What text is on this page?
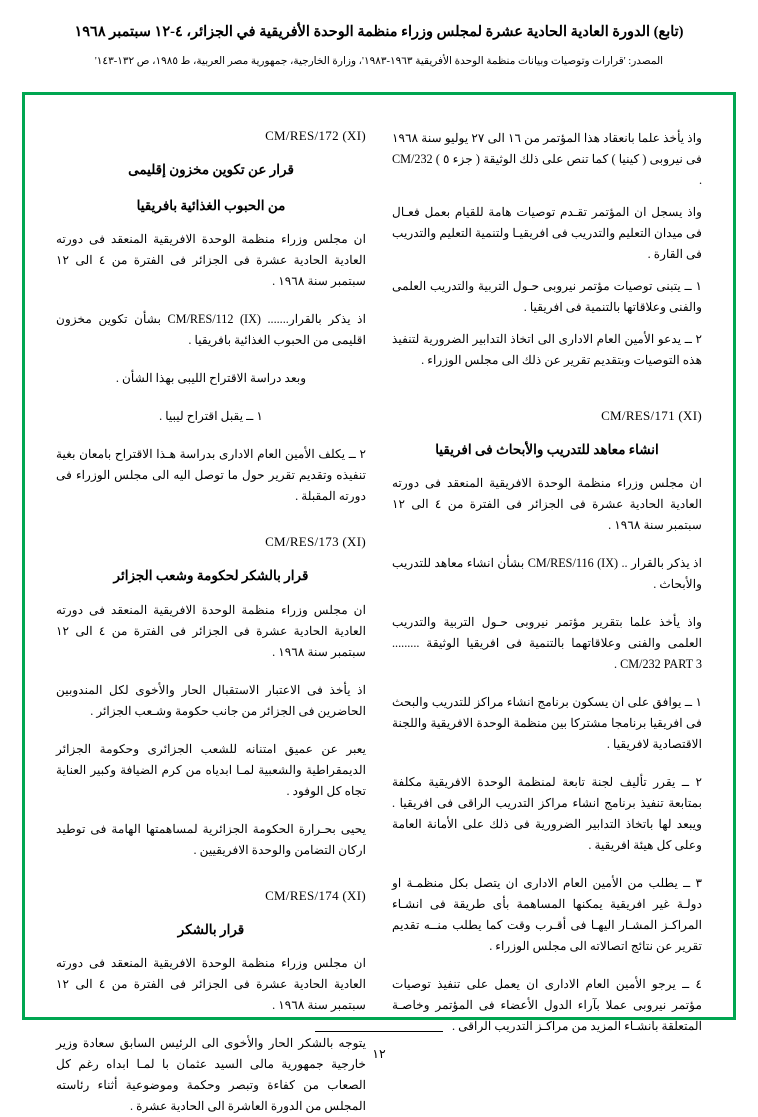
(تابع) الدورة العادية الحادية عشرة لمجلس وزراء منظمة الوحدة الأفريقية في الجزائر، ٤-١٢ سبتمبر ١٩٦٨
المصدر: 'قرارات وتوصيات وبيانات منظمة الوحدة الأفريقية ١٩٦٣-١٩٨٣'، وزارة الخارجية، جمهورية مصر العربية، ط ١٩٨٥، ص ١٣٢-١٤٣'
واذ يأخذ علما بانعقاد هذا المؤتمر من ١٦ الى ٢٧ يوليو سنة ١٩٦٨ فى نيروبى ( كينيا ) كما تنص على ذلك الوثيقة ( جزء ٥ ) CM/232 .
واذ يسجل ان المؤتمر تقـدم توصيات هامة للقيام بعمل فعـال فى ميدان التعليم والتدريب فى افريقيـا ولتنمية التعليم والتدريب فى القارة .
١ ــ يتبنى توصيات مؤتمر نيروبى حـول التربية والتدريب العلمى والفنى وعلاقاتها بالتنمية فى افريقيا .
٢ ــ يدعو الأمين العام الادارى الى اتخاذ التدابير الضرورية لتنفيذ هذه التوصيات وبتقديم تقرير عن ذلك الى مجلس الوزراء .
CM/RES/171 (XI)
انشاء معاهد للتدريب والأبحاث فى افريقيا
ان مجلس وزراء منظمة الوحدة الافريقية المنعقد فى دورته العادية الحادية عشرة فى الجزائر فى الفترة من ٤ الى ١٢ سبتمبر سنة ١٩٦٨ .
اذ يذكر بالقرار .. CM/RES/116 (IX) بشأن انشاء معاهد للتدريب والأبحاث .
واذ يأخذ علما بتقرير مؤتمر نيروبى حـول التربية والتدريب العلمى والفنى وعلاقاتهما بالتنمية فى افريقيا الوثيقة ......... CM/232 PART 3 .
١ ــ يوافق على ان يسكون برنامج انشاء مراكز للتدريب والبحث فى افريقيا برنامجا مشتركا بين منظمة الوحدة الافريقية واللجنة الاقتصادية لافريقيا .
٢ ــ يقرر تأليف لجنة تابعة لمنظمة الوحدة الافريقية مكلفة بمتابعة تنفيذ برنامج انشاء مراكز التدريب الراقى فى افريقيا . ويبعد لها باتخاذ التدابير الضرورية فى ذلك على الأمانة العامة وعلى كل هيئة افريقية .
٣ ــ يطلب من الأمين العام الادارى ان يتصل بكل منظمـة او دولـة غير افريقية يمكنها المساهمة بأى طريقة فى انشـاء المراكـز المشـار اليهـا فى أقـرب وقت كما يطلب منــه تقديم تقرير عن نتائج اتصالاته الى مجلس الوزراء .
٤ ــ يرجو الأمين العام الادارى ان يعمل على تنفيذ توصيات مؤتمر نيروبى عملا بآراء الدول الأعضاء فى المؤتمر وخاصـة المتعلقة بانشـاء المزيد من مراكـز التدريب الراقى .
CM/RES/172 (XI)
قرار عن تكوين مخزون إقليمى
من الحبوب الغذائية بافريقيا
ان مجلس وزراء منظمة الوحدة الافريقية المنعقد فى دورته العادية الحادية عشرة فى الجزائر فى الفترة من ٤ الى ١٢ سبتمبر سنة ١٩٦٨ .
اذ يذكر بالقرار....... CM/RES/112 (IX) بشأن تكوين مخزون اقليمى من الحبوب الغذائية بافريقيا .
وبعد دراسة الاقتراح الليبى بهذا الشأن .
١ ــ يقبل اقتراح ليبيا .
٢ ــ يكلف الأمين العام الادارى بدراسة هـذا الاقتراح بامعان بغية تنفيذه وتقديم تقرير حول ما توصل اليه الى مجلس الوزراء فى دورته المقبلة .
CM/RES/173 (XI)
قرار بالشكر لحكومة وشعب الجزائر
ان مجلس وزراء منظمة الوحدة الافريقية المنعقد فى دورته العادية الحادية عشرة فى الجزائر فى الفترة من ٤ الى ١٢ سبتمبر سنة ١٩٦٨ .
اذ يأخذ فى الاعتبار الاستقبال الحار والأخوى لكل المندوبين الحاضرين فى الجزائر من جانب حكومة وشـعب الجزائر .
يعبر عن عميق امتنانه للشعب الجزائرى وحكومة الجزائر الديمقراطية والشعبية لمـا ابدياه من كرم الضيافة وكبير العناية تجاه كل الوفود .
يحيى بحـرارة الحكومة الجزائرية لمساهمتها الهامة فى توطيد اركان التضامن والوحدة الافريقيين .
CM/RES/174 (XI)
قرار بالشكر
ان مجلس وزراء منظمة الوحدة الافريقية المنعقد فى دورته العادية الحادية عشرة فى الجزائر فى الفترة من ٤ الى ١٢ سبتمبر سنة ١٩٦٨ .
يتوجه بالشكر الحار والأخوى الى الرئيس السابق سعادة وزير خارجية جمهورية مالى السيد عثمان با لمـا ابداه رغم كل الصعاب من كفاءة وتبصر وحكمة وموضوعية أثناء رئاسته المجلس من الدورة العاشرة الى الحادية عشرة .
١٢
